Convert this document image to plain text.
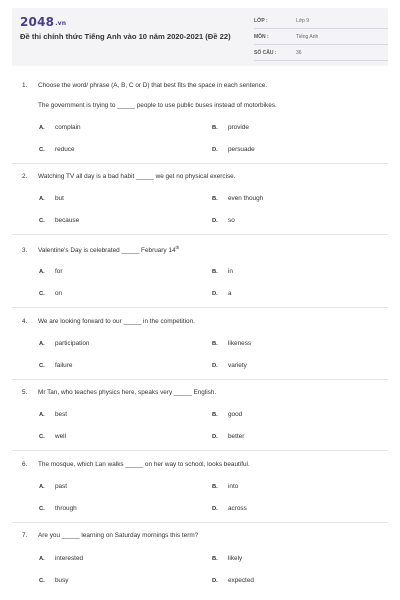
2048.vn
Đề thi chính thức Tiếng Anh vào 10 năm 2020-2021 (Đề 22)
LỚP :	Lớp 9
MÔN :	Tiếng Anh
SỐ CÂU :	36
1. Choose the word/ phrase (A, B, C or D) that best fits the space in each sentence.
The government is trying to _____ people to use public buses instead of motorbikes.
A. complain	B. provide
C. reduce	D. persuade
2. Watching TV all day is a bad habit _____ we get no physical exercise.
A. but	B. even though
C. because	D. so
3. Valentine's Day is celebrated _____ February 14th
A. for	B. in
C. on	D. a
4. We are looking forward to our _____ in the competition.
A. participation	B. likeness
C. failure	D. variety
5. Mr Tan, who teaches physics here, speaks very _____ English.
A. best	B. good
C. well	D. better
6. The mosque, which Lan walks _____ on her way to school, looks beautiful.
A. past	B. into
C. through	D. across
7. Are you _____ learning on Saturday mornings this term?
A. interested	B. likely
C. busy	D. expected
